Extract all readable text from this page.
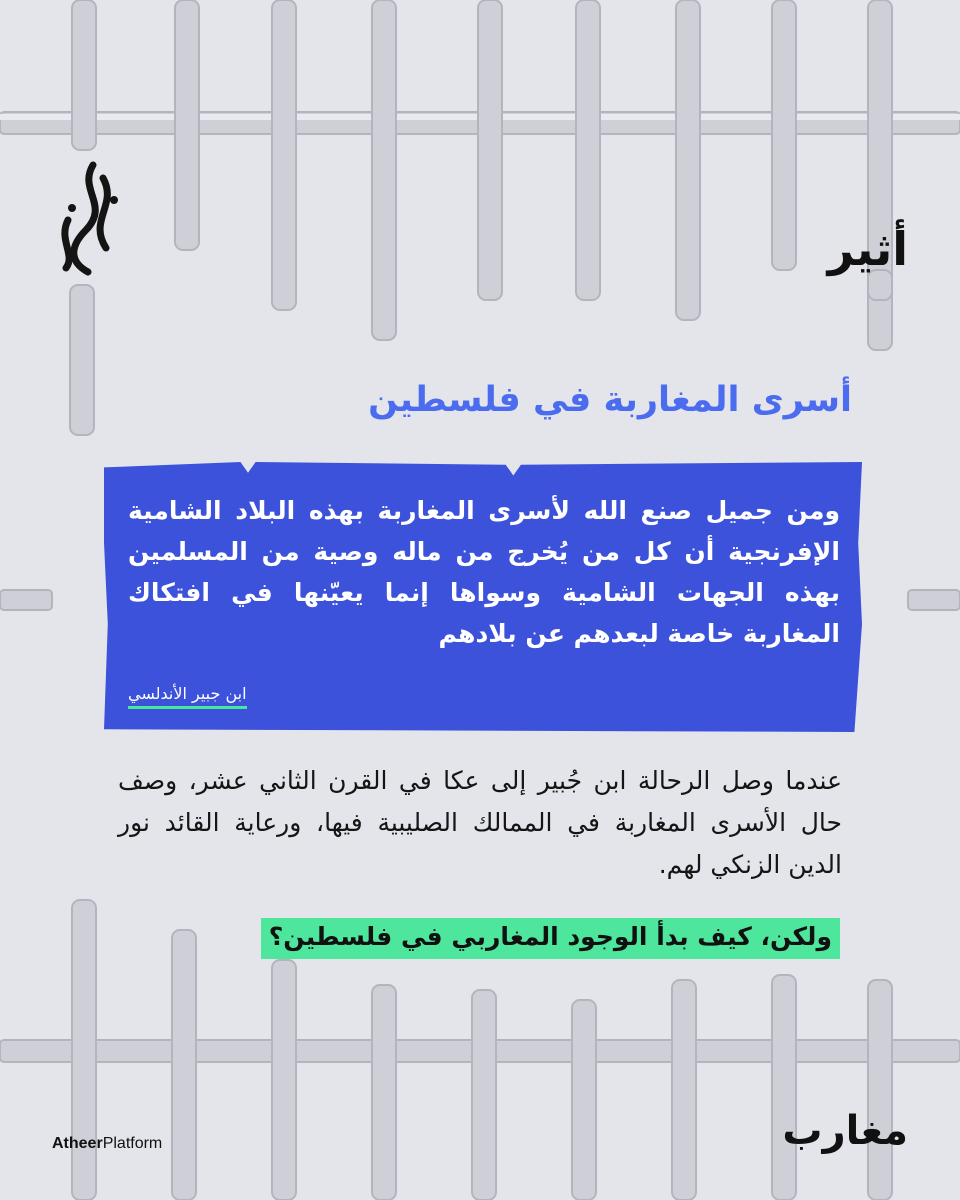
أثير
أسرى المغاربة في فلسطين

ومن جميل صنع الله لأسرى المغاربة بهذه البلاد الشامية الإفرنجية أن كل من يُخرج من ماله وصية من المسلمين بهذه الجهات الشامية وسواها إنما يعيّنها في افتكاك المغاربة خاصة لبعدهم عن بلادهم

ابن جبير الأندلسي

عندما وصل الرحالة ابن جُبير إلى عكا في القرن الثاني عشر، وصف حال الأسرى المغاربة في الممالك الصليبية فيها، ورعاية القائد نور الدين الزنكي لهم.

ولكن، كيف بدأ الوجود المغاربي في فلسطين؟

AtheerPlatform	مغارب
